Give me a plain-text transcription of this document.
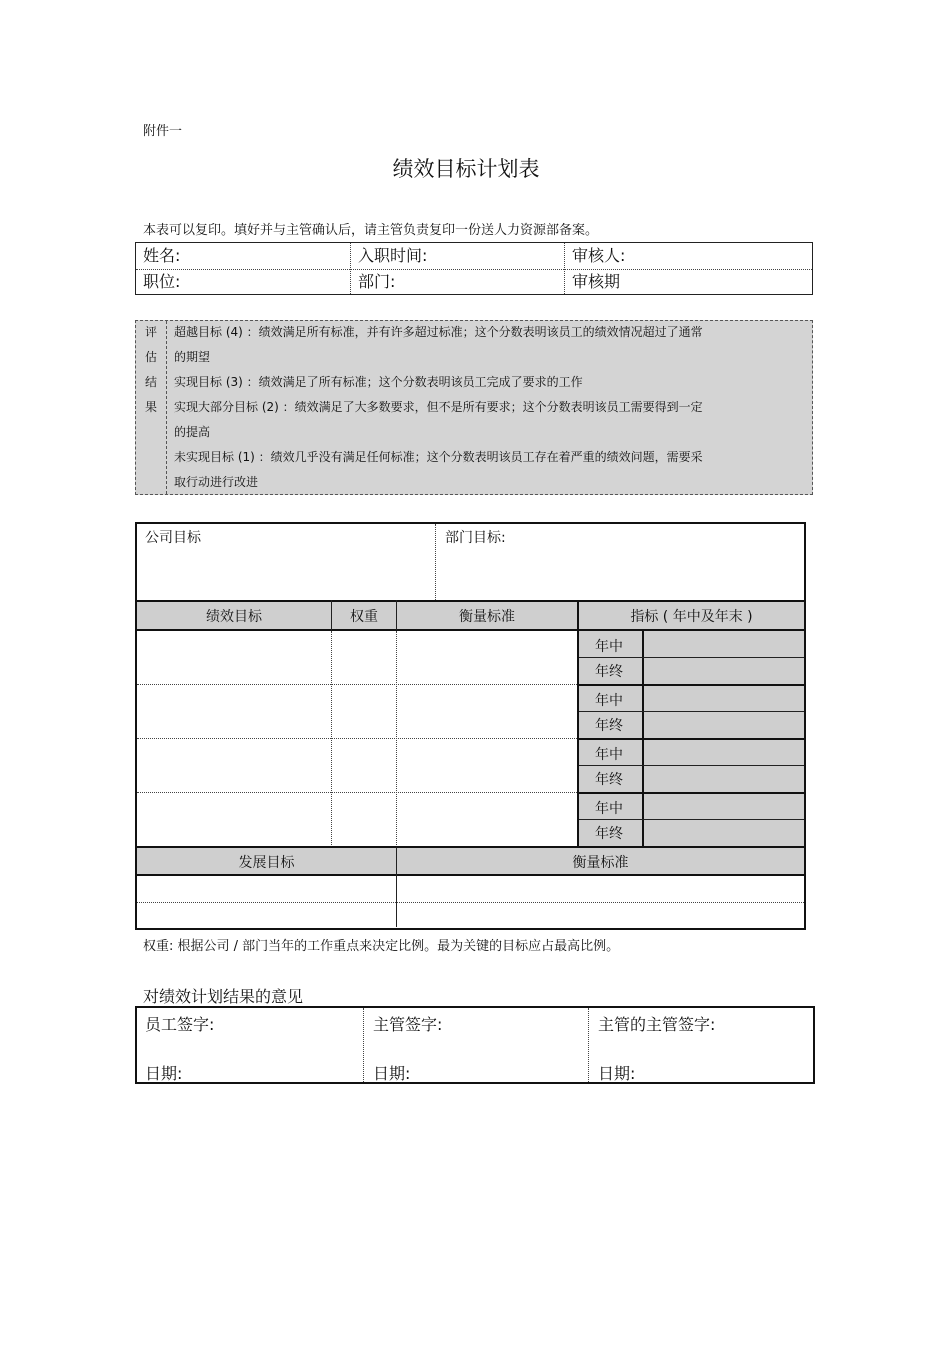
附件一
绩效目标计划表
本表可以复印。填好并与主管确认后，请主管负责复印一份送人力资源部备案。
姓名:	入职时间:	审核人:
职位:	部门:	审核期
评
估
结
果
超越目标 (4) ：绩效满足所有标准，并有许多超过标准；这个分数表明该员工的绩效情况超过了通常
的期望
实现目标 (3) ：绩效满足了所有标准；这个分数表明该员工完成了要求的工作
实现大部分目标 (2) ：绩效满足了大多数要求，但不是所有要求；这个分数表明该员工需要得到一定
的提高
未实现目标 (1) ：绩效几乎没有满足任何标准；这个分数表明该员工存在着严重的绩效问题，需要采
取行动进行改进
公司目标	部门目标:
绩效目标	权重	衡量标准	指标 ( 年中及年末 )
年中
年终
年中
年终
年中
年终
年中
年终
发展目标	衡量标准
权重: 根据公司 / 部门当年的工作重点来决定比例。最为关键的目标应占最高比例。
对绩效计划结果的意见
员工签字:	主管签字:	主管的主管签字:
日期:	日期:	日期:
